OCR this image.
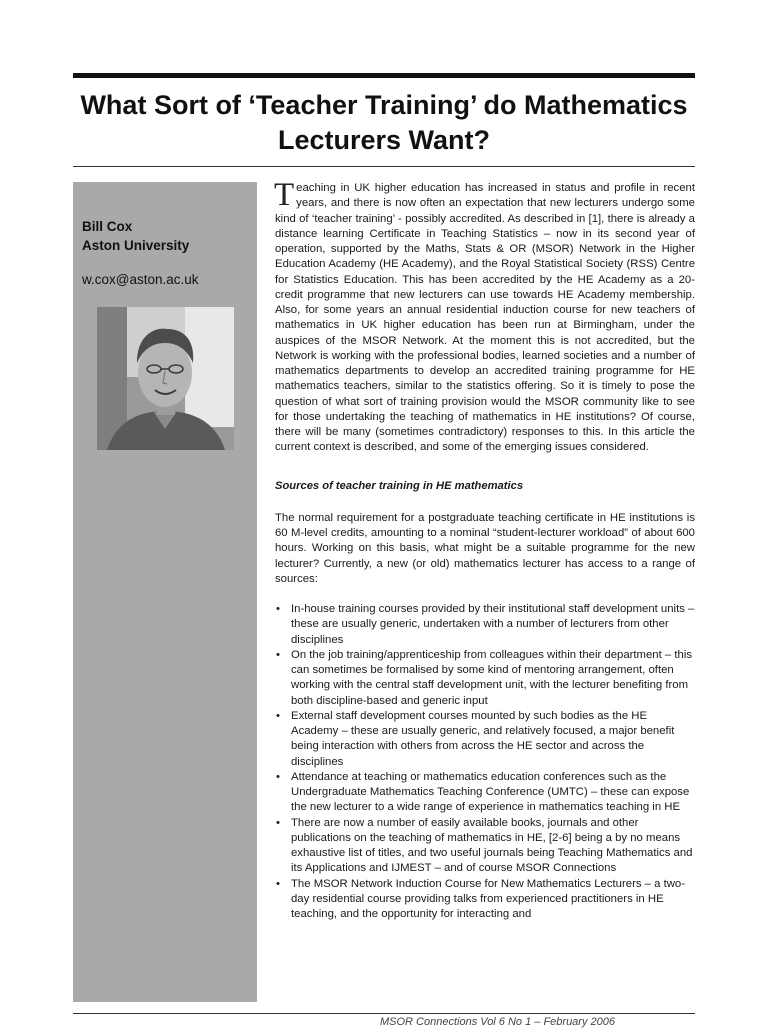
What Sort of ‘Teacher Training’ do Mathematics Lecturers Want?
Bill Cox
Aston University
w.cox@aston.ac.uk

Teaching in UK higher education has increased in status and profile in recent years, and there is now often an expectation that new lecturers undergo some kind of ‘teacher training’ - possibly accredited. As described in [1], there is already a distance learning Certificate in Teaching Statistics – now in its second year of operation, supported by the Maths, Stats & OR (MSOR) Network in the Higher Education Academy (HE Academy), and the Royal Statistical Society (RSS) Centre for Statistics Education. This has been accredited by the HE Academy as a 20-credit programme that new lecturers can use towards HE Academy membership. Also, for some years an annual residential induction course for new teachers of mathematics in UK higher education has been run at Birmingham, under the auspices of the MSOR Network. At the moment this is not accredited, but the Network is working with the professional bodies, learned societies and a number of mathematics departments to develop an accredited training programme for HE mathematics teachers, similar to the statistics offering. So it is timely to pose the question of what sort of training provision would the MSOR community like to see for those undertaking the teaching of mathematics in HE institutions? Of course, there will be many (sometimes contradictory) responses to this. In this article the current context is described, and some of the emerging issues considered.

Sources of teacher training in HE mathematics

The normal requirement for a postgraduate teaching certificate in HE institutions is 60 M-level credits, amounting to a nominal “student-lecturer workload” of about 600 hours. Working on this basis, what might be a suitable programme for the new lecturer? Currently, a new (or old) mathematics lecturer has access to a range of sources:

• In-house training courses provided by their institutional staff development units – these are usually generic, undertaken with a number of lecturers from other disciplines
• On the job training/apprenticeship from colleagues within their department – this can sometimes be formalised by some kind of mentoring arrangement, often working with the central staff development unit, with the lecturer benefiting from both discipline-based and generic input
• External staff development courses mounted by such bodies as the HE Academy – these are usually generic, and relatively focused, a major benefit being interaction with others from across the HE sector and across the disciplines
• Attendance at teaching or mathematics education conferences such as the Undergraduate Mathematics Teaching Conference (UMTC) – these can expose the new lecturer to a wide range of experience in mathematics teaching in HE
• There are now a number of easily available books, journals and other publications on the teaching of mathematics in HE, [2-6] being a by no means exhaustive list of titles, and two useful journals being Teaching Mathematics and its Applications and IJMEST – and of course MSOR Connections
• The MSOR Network Induction Course for New Mathematics Lecturers – a two-day residential course providing talks from experienced practitioners in HE teaching, and the opportunity for interacting and
MSOR Connections Vol 6 No 1 – February 2006
